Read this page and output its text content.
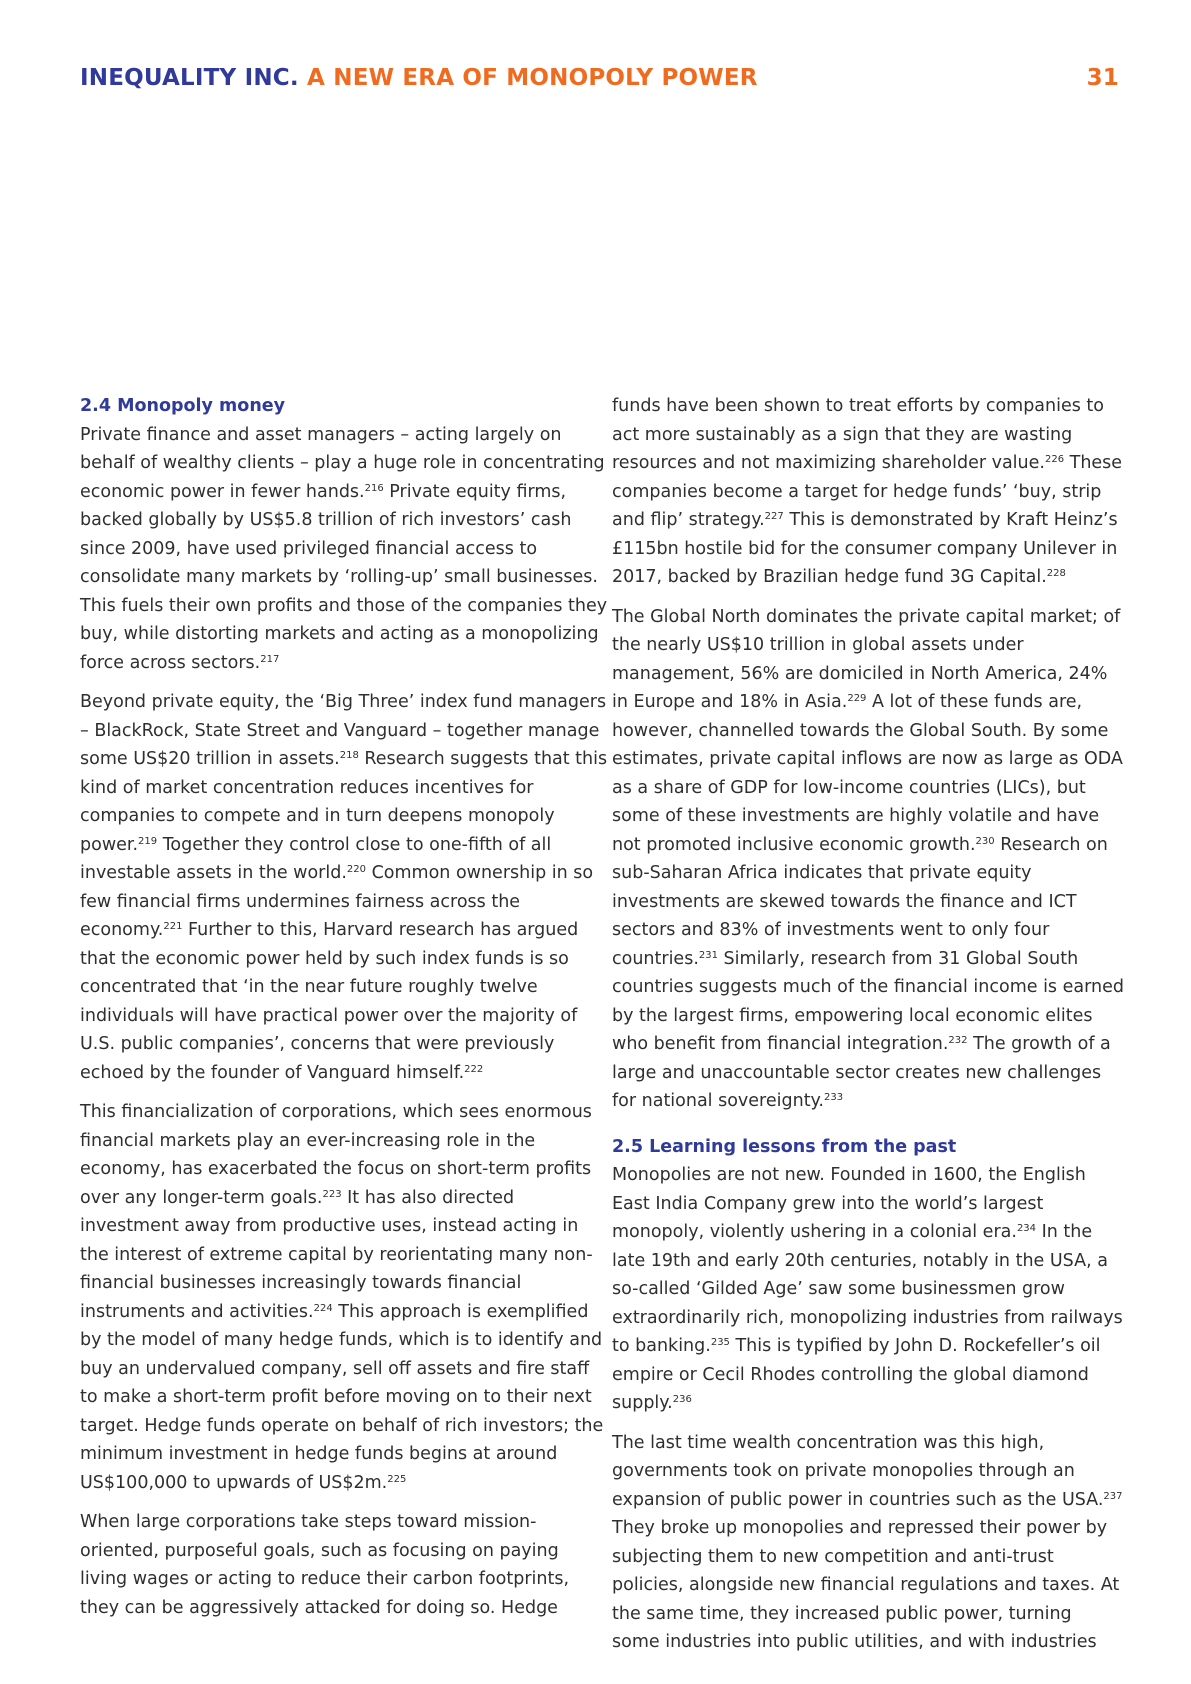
INEQUALITY INC. A NEW ERA OF MONOPOLY POWER	31
2.4 Monopoly money

Private finance and asset managers – acting largely on behalf of wealthy clients – play a huge role in concentrating economic power in fewer hands.$^{216}$ Private equity firms, backed globally by US$5.8 trillion of rich investors’ cash since 2009, have used privileged financial access to consolidate many markets by ‘rolling-up’ small businesses. This fuels their own profits and those of the companies they buy, while distorting markets and acting as a monopolizing force across sectors.$^{217}$

Beyond private equity, the ‘Big Three’ index fund managers – BlackRock, State Street and Vanguard – together manage some US$20 trillion in assets.$^{218}$ Research suggests that this kind of market concentration reduces incentives for companies to compete and in turn deepens monopoly power.$^{219}$ Together they control close to one-fifth of all investable assets in the world.$^{220}$ Common ownership in so few financial firms undermines fairness across the economy.$^{221}$ Further to this, Harvard research has argued that the economic power held by such index funds is so concentrated that ‘in the near future roughly twelve individuals will have practical power over the majority of U.S. public companies’, concerns that were previously echoed by the founder of Vanguard himself.$^{222}$

This financialization of corporations, which sees enormous financial markets play an ever-increasing role in the economy, has exacerbated the focus on short-term profits over any longer-term goals.$^{223}$ It has also directed investment away from productive uses, instead acting in the interest of extreme capital by reorientating many non-financial businesses increasingly towards financial instruments and activities.$^{224}$ This approach is exemplified by the model of many hedge funds, which is to identify and buy an undervalued company, sell off assets and fire staff to make a short-term profit before moving on to their next target. Hedge funds operate on behalf of rich investors; the minimum investment in hedge funds begins at around US$100,000 to upwards of US$2m.$^{225}$

When large corporations take steps toward mission-oriented, purposeful goals, such as focusing on paying living wages or acting to reduce their carbon footprints, they can be aggressively attacked for doing so. Hedge

funds have been shown to treat efforts by companies to act more sustainably as a sign that they are wasting resources and not maximizing shareholder value.$^{226}$ These companies become a target for hedge funds’ ‘buy, strip and flip’ strategy.$^{227}$ This is demonstrated by Kraft Heinz’s £115bn hostile bid for the consumer company Unilever in 2017, backed by Brazilian hedge fund 3G Capital.$^{228}$

The Global North dominates the private capital market; of the nearly US$10 trillion in global assets under management, 56% are domiciled in North America, 24% in Europe and 18% in Asia.$^{229}$ A lot of these funds are, however, channelled towards the Global South. By some estimates, private capital inflows are now as large as ODA as a share of GDP for low-income countries (LICs), but some of these investments are highly volatile and have not promoted inclusive economic growth.$^{230}$ Research on sub-Saharan Africa indicates that private equity investments are skewed towards the finance and ICT sectors and 83% of investments went to only four countries.$^{231}$ Similarly, research from 31 Global South countries suggests much of the financial income is earned by the largest firms, empowering local economic elites who benefit from financial integration.$^{232}$ The growth of a large and unaccountable sector creates new challenges for national sovereignty.$^{233}$

2.5 Learning lessons from the past

Monopolies are not new. Founded in 1600, the English East India Company grew into the world’s largest monopoly, violently ushering in a colonial era.$^{234}$ In the late 19th and early 20th centuries, notably in the USA, a so-called ‘Gilded Age’ saw some businessmen grow extraordinarily rich, monopolizing industries from railways to banking.$^{235}$ This is typified by John D. Rockefeller’s oil empire or Cecil Rhodes controlling the global diamond supply.$^{236}$

The last time wealth concentration was this high, governments took on private monopolies through an expansion of public power in countries such as the USA.$^{237}$ They broke up monopolies and repressed their power by subjecting them to new competition and anti-trust policies, alongside new financial regulations and taxes. At the same time, they increased public power, turning some industries into public utilities, and with industries
